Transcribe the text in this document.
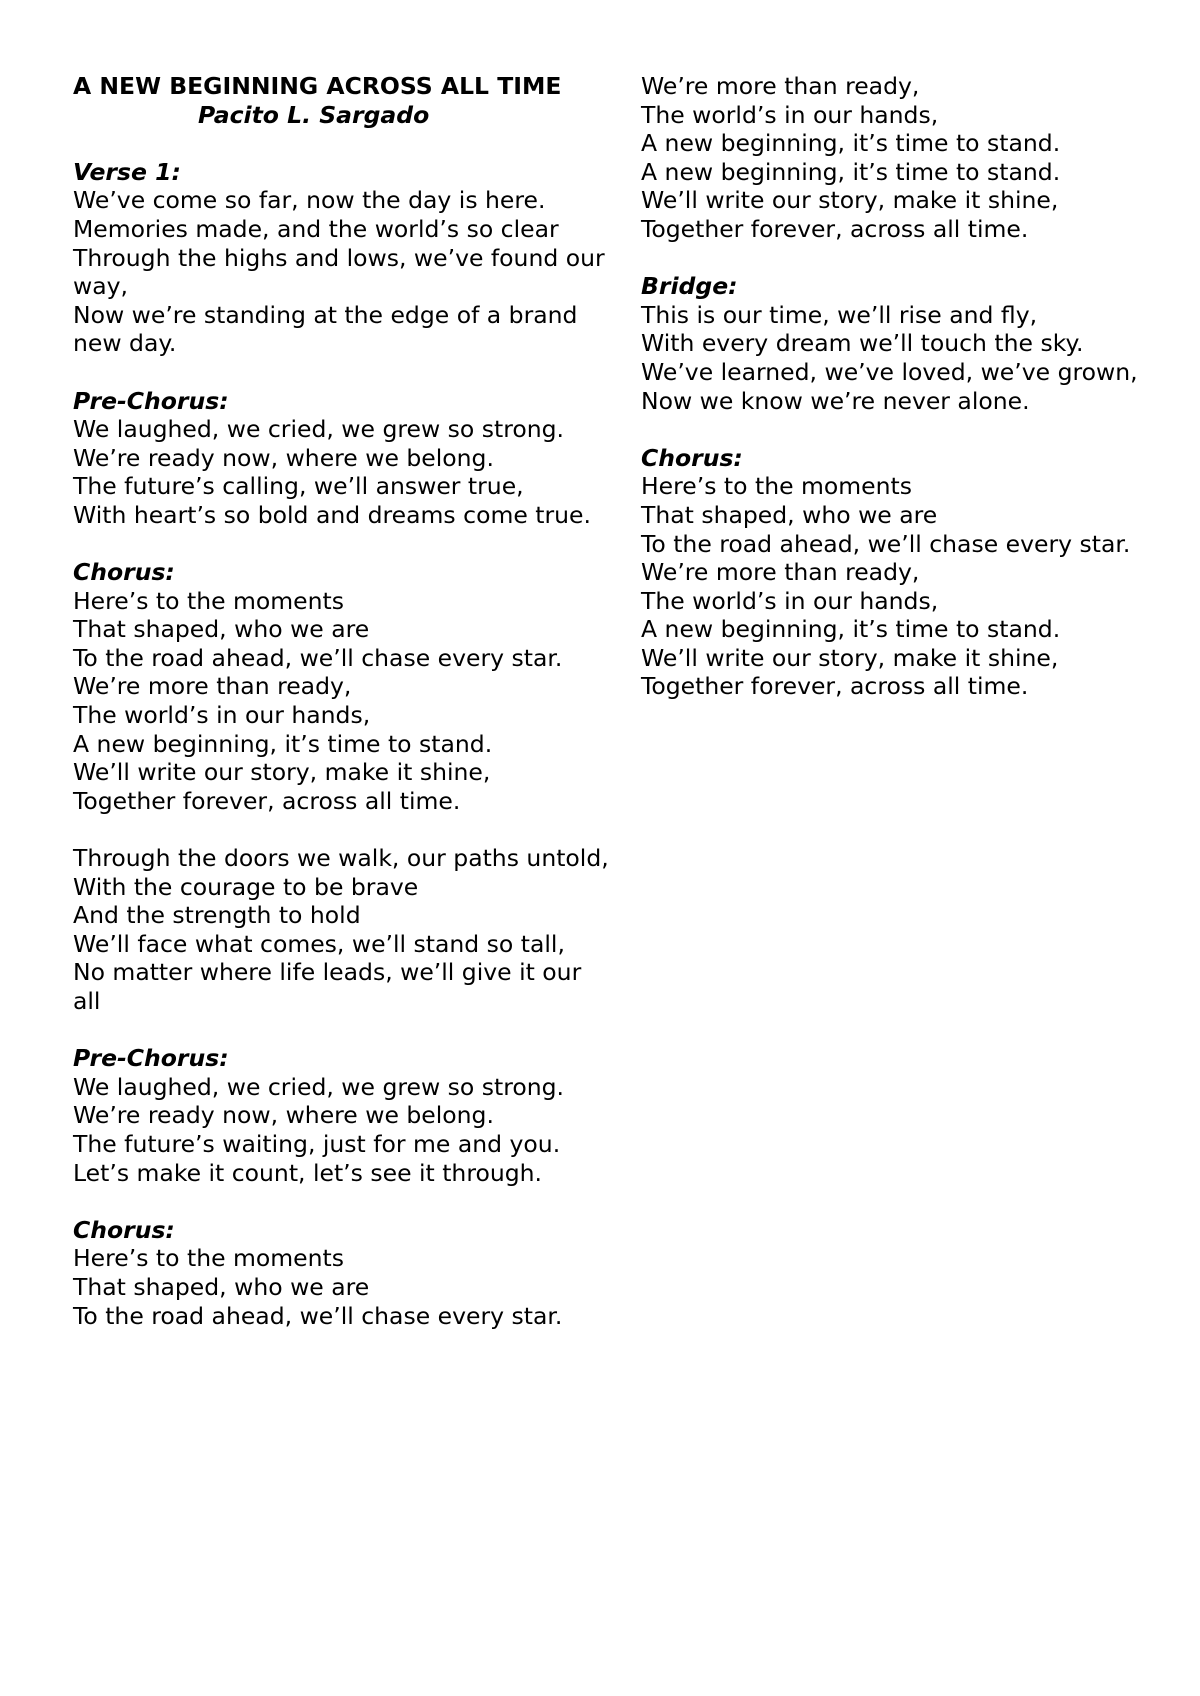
A NEW BEGINNING ACROSS ALL TIME

Pacito L. Sargado

Verse 1:

We’ve come so far, now the day is here.

Memories made, and the world’s so clear

Through the highs and lows, we’ve found our way,

Now we’re standing at the edge of a brand new day.

Pre-Chorus:

We laughed, we cried, we grew so strong.

We’re ready now, where we belong.

The future’s calling, we’ll answer true,

With heart’s so bold and dreams come true.

Chorus:

Here’s to the moments

That shaped, who we are

To the road ahead, we’ll chase every star.

We’re more than ready,

The world’s in our hands,

A new beginning, it’s time to stand.

We’ll write our story, make it shine,

Together forever, across all time.

Through the doors we walk, our paths untold,

With the courage to be brave

And the strength to hold

We’ll face what comes, we’ll stand so tall,

No matter where life leads, we’ll give it our all

Pre-Chorus:

We laughed, we cried, we grew so strong.

We’re ready now, where we belong.

The future’s waiting, just for me and you.

Let’s make it count, let’s see it through.

Chorus:

Here’s to the moments

That shaped, who we are

To the road ahead, we’ll chase every star.

We’re more than ready,

The world’s in our hands,

A new beginning, it’s time to stand.

A new beginning, it’s time to stand.

We’ll write our story, make it shine,

Together forever, across all time.

Bridge:

This is our time, we’ll rise and fly,

With every dream we’ll touch the sky.

We’ve learned, we’ve loved, we’ve grown,

Now we know we’re never alone.

Chorus:

Here’s to the moments

That shaped, who we are

To the road ahead, we’ll chase every star.

We’re more than ready,

The world’s in our hands,

A new beginning, it’s time to stand.

We’ll write our story, make it shine,

Together forever, across all time.
